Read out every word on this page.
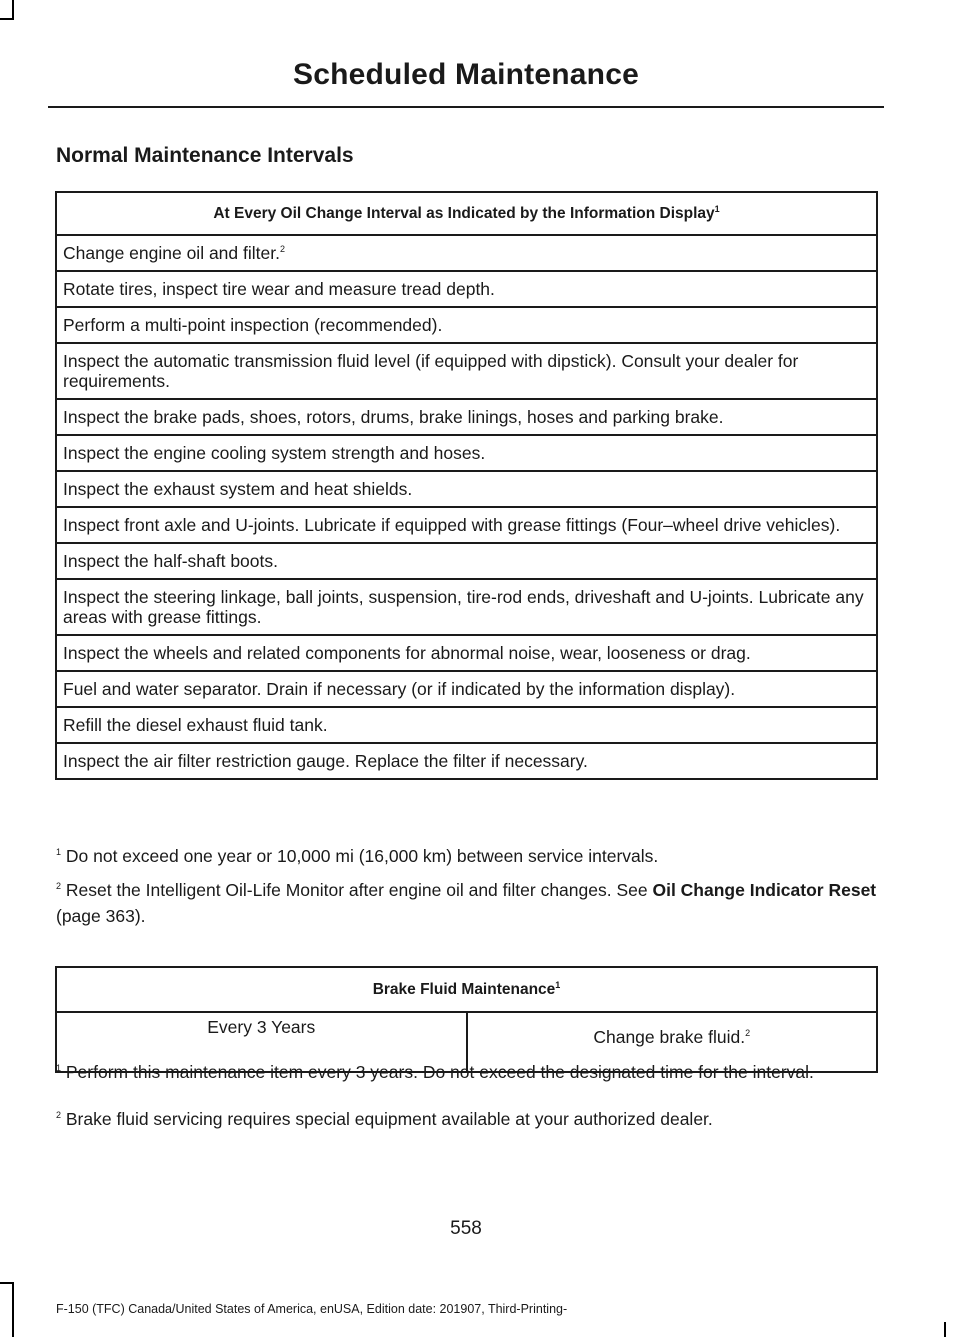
Scheduled Maintenance
Normal Maintenance Intervals
At Every Oil Change Interval as Indicated by the Information Display$^1$
Change engine oil and filter.$^2$
Rotate tires, inspect tire wear and measure tread depth.
Perform a multi-point inspection (recommended).
Inspect the automatic transmission fluid level (if equipped with dipstick). Consult your dealer for requirements.
Inspect the brake pads, shoes, rotors, drums, brake linings, hoses and parking brake.
Inspect the engine cooling system strength and hoses.
Inspect the exhaust system and heat shields.
Inspect front axle and U-joints. Lubricate if equipped with grease fittings (Four–wheel drive vehicles).
Inspect the half-shaft boots.
Inspect the steering linkage, ball joints, suspension, tire-rod ends, driveshaft and U-joints. Lubricate any areas with grease fittings.
Inspect the wheels and related components for abnormal noise, wear, looseness or drag.
Fuel and water separator. Drain if necessary (or if indicated by the information display).
Refill the diesel exhaust fluid tank.
Inspect the air filter restriction gauge. Replace the filter if necessary.
$^1$ Do not exceed one year or 10,000 mi (16,000 km) between service intervals.
$^2$ Reset the Intelligent Oil-Life Monitor after engine oil and filter changes. See Oil Change Indicator Reset (page 363).
Brake Fluid Maintenance$^1$
Every 3 Years	Change brake fluid.$^2$
$^1$ Perform this maintenance item every 3 years. Do not exceed the designated time for the interval.
$^2$ Brake fluid servicing requires special equipment available at your authorized dealer.
558
F-150 (TFC) Canada/United States of America, enUSA, Edition date: 201907, Third-Printing-
